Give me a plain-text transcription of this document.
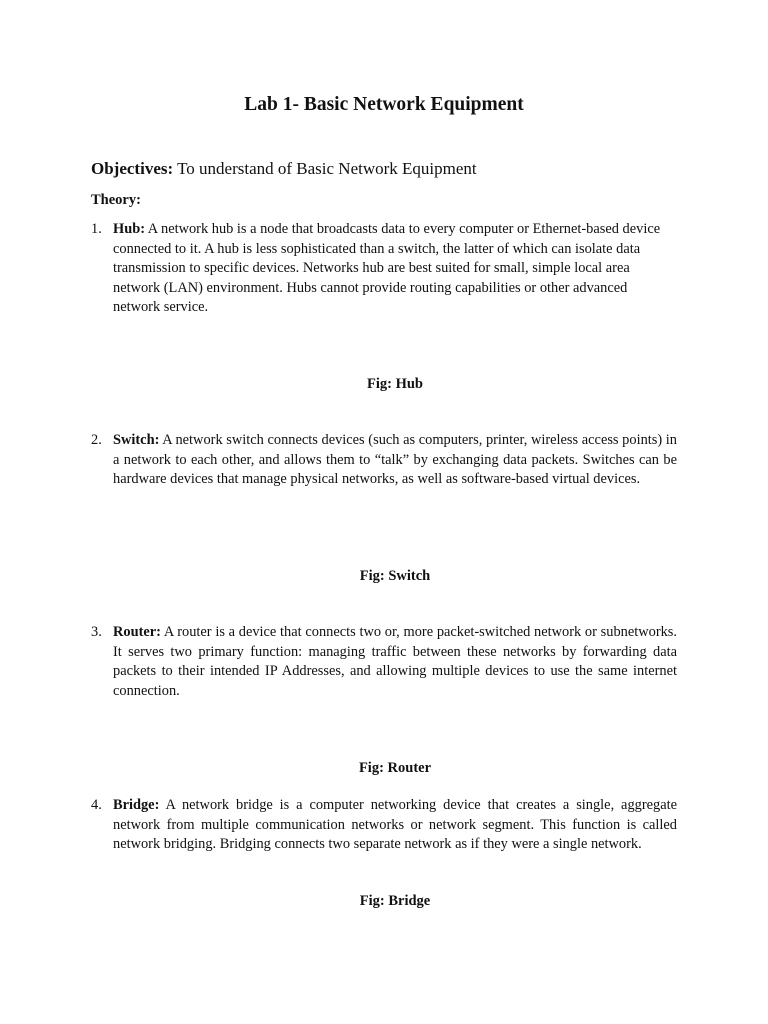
Lab 1- Basic Network Equipment
Objectives: To understand of Basic Network Equipment
Theory:
1. Hub: A network hub is a node that broadcasts data to every computer or Ethernet-based device connected to it. A hub is less sophisticated than a switch, the latter of which can isolate data transmission to specific devices. Networks hub are best suited for small, simple local area network (LAN) environment. Hubs cannot provide routing capabilities or other advanced network service.
Fig: Hub
2. Switch: A network switch connects devices (such as computers, printer, wireless access points) in a network to each other, and allows them to “talk” by exchanging data packets. Switches can be hardware devices that manage physical networks, as well as software-based virtual devices.
Fig: Switch
3. Router: A router is a device that connects two or, more packet-switched network or subnetworks. It serves two primary function: managing traffic between these networks by forwarding data packets to their intended IP Addresses, and allowing multiple devices to use the same internet connection.
Fig: Router
4. Bridge: A network bridge is a computer networking device that creates a single, aggregate network from multiple communication networks or network segment. This function is called network bridging. Bridging connects two separate network as if they were a single network.
Fig: Bridge
